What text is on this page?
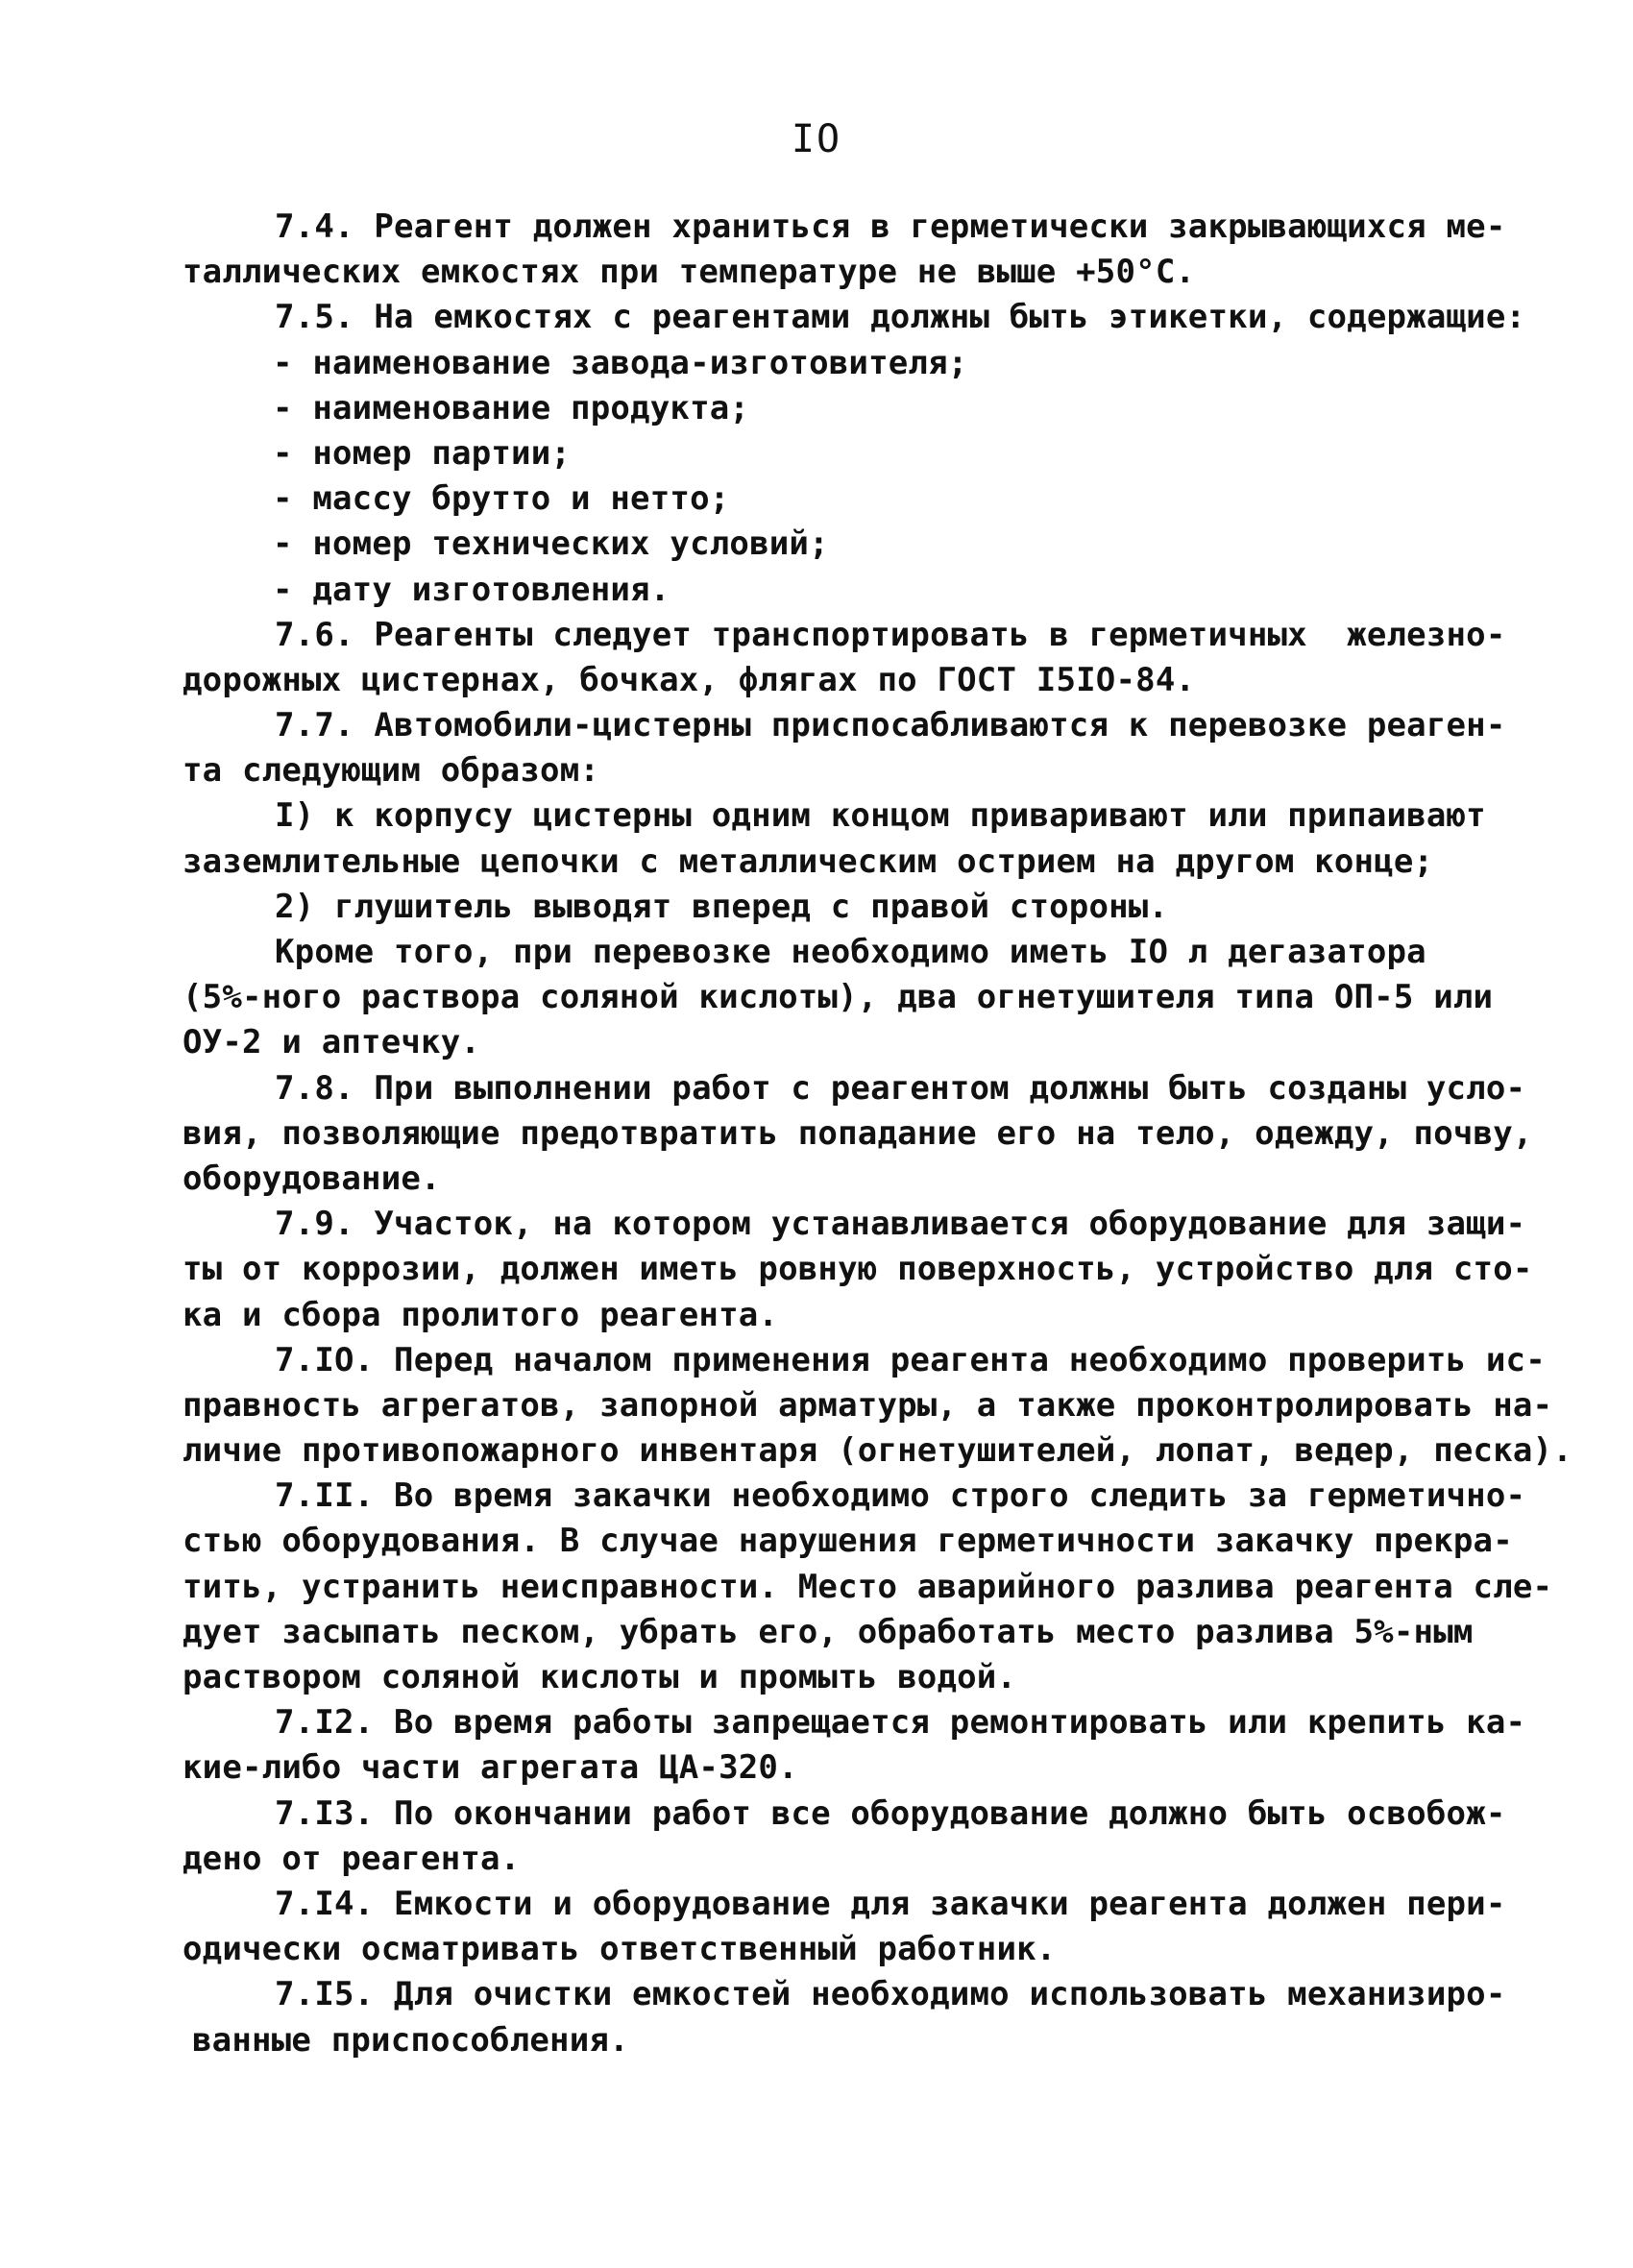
IO
7.4. Реагент должен храниться в герметически закрывающихся ме-
таллических емкостях при температуре не выше +50°С.
7.5. На емкостях с реагентами должны быть этикетки, содержащие:
- наименование завода-изготовителя;
- наименование продукта;
- номер партии;
- массу брутто и нетто;
- номер технических условий;
- дату изготовления.
7.6. Реагенты следует транспортировать в герметичных  железно-
дорожных цистернах, бочках, флягах по ГОСТ I5IO-84.
7.7. Автомобили-цистерны приспосабливаются к перевозке реаген-
та следующим образом:
I) к корпусу цистерны одним концом приваривают или припаивают
заземлительные цепочки с металлическим острием на другом конце;
2) глушитель выводят вперед с правой стороны.
Кроме того, при перевозке необходимо иметь IO л дегазатора
(5%-ного раствора соляной кислоты), два огнетушителя типа ОП-5 или
ОУ-2 и аптечку.
7.8. При выполнении работ с реагентом должны быть созданы усло-
вия, позволяющие предотвратить попадание его на тело, одежду, почву,
оборудование.
7.9. Участок, на котором устанавливается оборудование для защи-
ты от коррозии, должен иметь ровную поверхность, устройство для сто-
ка и сбора пролитого реагента.
7.IO. Перед началом применения реагента необходимо проверить ис-
правность агрегатов, запорной арматуры, а также проконтролировать на-
личие противопожарного инвентаря (огнетушителей, лопат, ведер, песка).
7.II. Во время закачки необходимо строго следить за герметично-
стью оборудования. В случае нарушения герметичности закачку прекра-
тить, устранить неисправности. Место аварийного разлива реагента сле-
дует засыпать песком, убрать его, обработать место разлива 5%-ным
раствором соляной кислоты и промыть водой.
7.I2. Во время работы запрещается ремонтировать или крепить ка-
кие-либо части агрегата ЦА-320.
7.I3. По окончании работ все оборудование должно быть освобож-
дено от реагента.
7.I4. Емкости и оборудование для закачки реагента должен пери-
одически осматривать ответственный работник.
7.I5. Для очистки емкостей необходимо использовать механизиро-
ванные приспособления.
